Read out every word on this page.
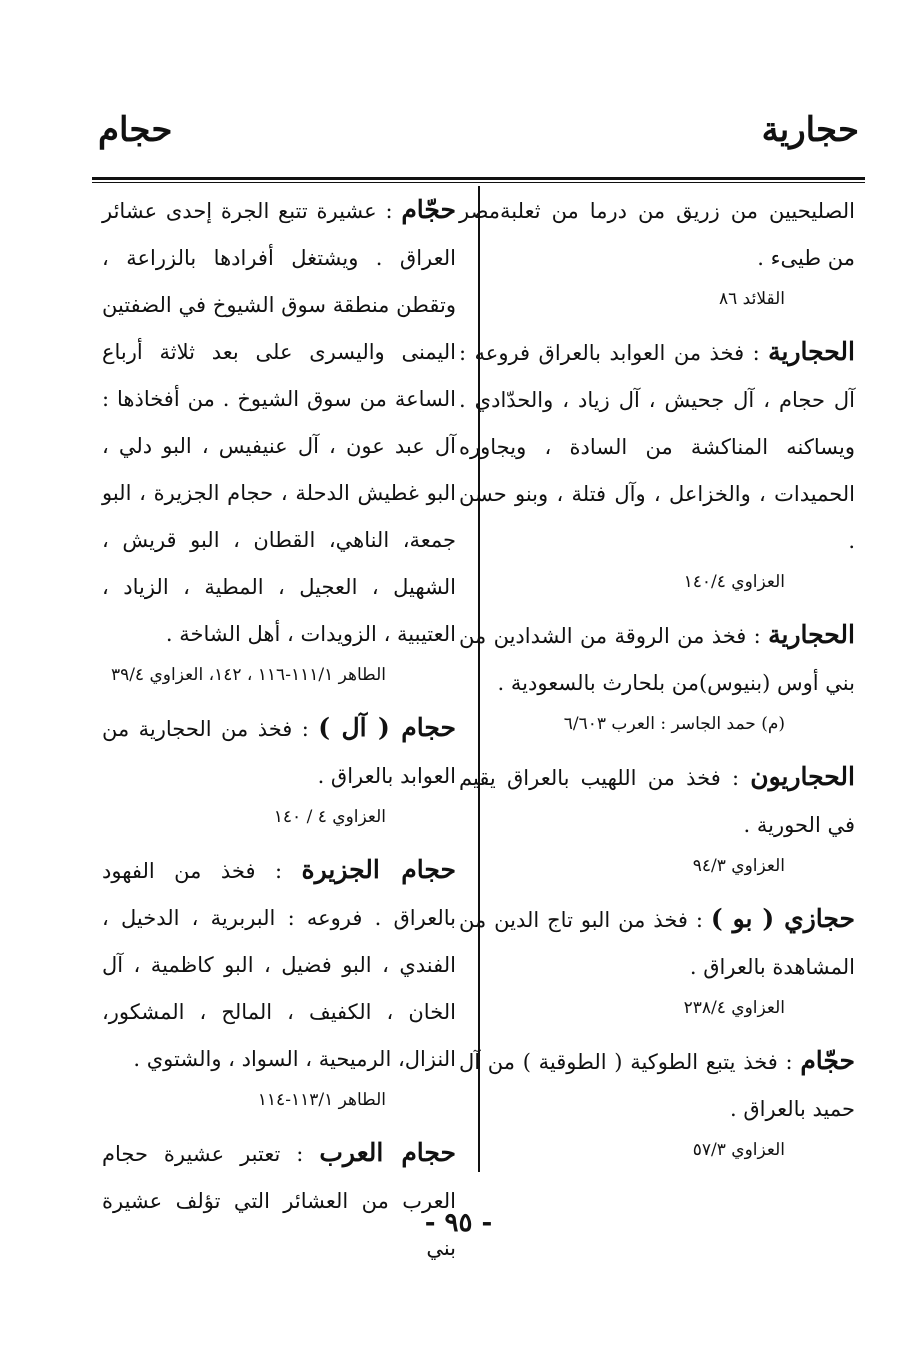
حجارية
حجام

الصليحيين من زريق من درما من ثعلبةمصر من طيىء .

القلائد ٨٦

الحجارية : فخذ من العوابد بالعراق فروعه : آل حجام ، آل جحيش ، آل زياد ، والحدّادي . ويساكنه المناكشة من السادة ، ويجاوره الحميدات ، والخزاعل ، وآل فتلة ، وبنو حسن .

العزاوي ١٤٠/٤

الحجارية : فخذ من الروقة من الشدادين من بني أوس (بنيوس)من بلحارث بالسعودية .

(م) حمد الجاسر : العرب ٦/٦٠٣

الحجاريون : فخذ من اللهيب بالعراق يقيم في الحورية .

العزاوي ٩٤/٣

حجازي ( بو ) : فخذ من البو تاج الدين من المشاهدة بالعراق .

العزاوي ٢٣٨/٤

حجّام : فخذ يتبع الطوكية ( الطوقية ) من آل حميد بالعراق .

العزاوي ٥٧/٣

حجّام : عشيرة تتبع الجرة إحدى عشائر العراق . ويشتغل أفرادها بالزراعة ، وتقطن منطقة سوق الشيوخ في الضفتين اليمنى واليسرى على بعد ثلاثة أرباع الساعة من سوق الشيوخ . من أفخاذها : آل عبد عون ، آل عنيفيس ، البو دلي ، البو غطيش الدحلة ، حجام الجزيرة ، البو جمعة، الناهي، القطان ، البو قريش ، الشهيل ، العجيل ، المطية ، الزياد ، العتيبية ، الزويدات ، أهل الشاخة .

الطاهر ١١١/١-١١٦ ، ١٤٢، العزاوي ٣٩/٤

حجام ( آل ) : فخذ من الحجارية من العوابد بالعراق .

العزاوي ٤ / ١٤٠

حجام الجزيرة : فخذ من الفهود بالعراق . فروعه : البربرية ، الدخيل ، الفندي ، البو فضيل ، البو كاظمية ، آل الخان ، الكفيف ، المالح ، المشكور، النزال، الرميحية ، السواد ، والشتوي .

الطاهر ١١٣/١-١١٤

حجام العرب : تعتبر عشيرة حجام العرب من العشائر التي تؤلف عشيرة بني

- ٩٥ -
